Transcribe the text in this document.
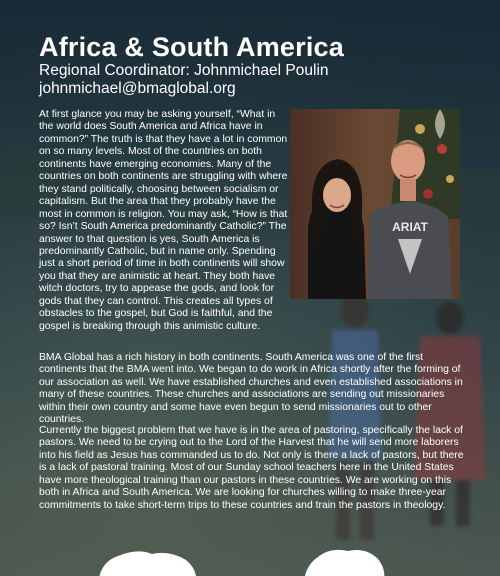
Africa & South America
Regional Coordinator: Johnmichael Poulin
johnmichael@bmaglobal.org

At first glance you may be asking yourself, “What in the world does South America and Africa have in common?” The truth is that they have a lot in common on so many levels. Most of the countries on both continents have emerging economies. Many of the countries on both continents are struggling with where they stand politically, choosing between socialism or capitalism. But the area that they probably have the most in common is religion. You may ask, “How is that so? Isn’t South America predominantly Catholic?” The answer to that question is yes, South America is predominantly Catholic, but in name only. Spending just a short period of time in both continents will show you that they are animistic at heart. They both have witch doctors, try to appease the gods, and look for gods that they can control. This creates all types of obstacles to the gospel, but God is faithful, and the gospel is breaking through this animistic culture.

ARIAT

BMA Global has a rich history in both continents. South America was one of the first continents that the BMA went into. We began to do work in Africa shortly after the forming of our association as well. We have established churches and even established associations in many of these countries. These churches and associations are sending out missionaries within their own country and some have even begun to send missionaries out to other countries.

Currently the biggest problem that we have is in the area of pastoring, specifically the lack of pastors. We need to be crying out to the Lord of the Harvest that he will send more laborers into his field as Jesus has commanded us to do. Not only is there a lack of pastors, but there is a lack of pastoral training. Most of our Sunday school teachers here in the United States have more theological training than our pastors in these countries. We are working on this both in Africa and South America. We are looking for churches willing to make three-year commitments to take short-term trips to these countries and train the pastors in theology.
